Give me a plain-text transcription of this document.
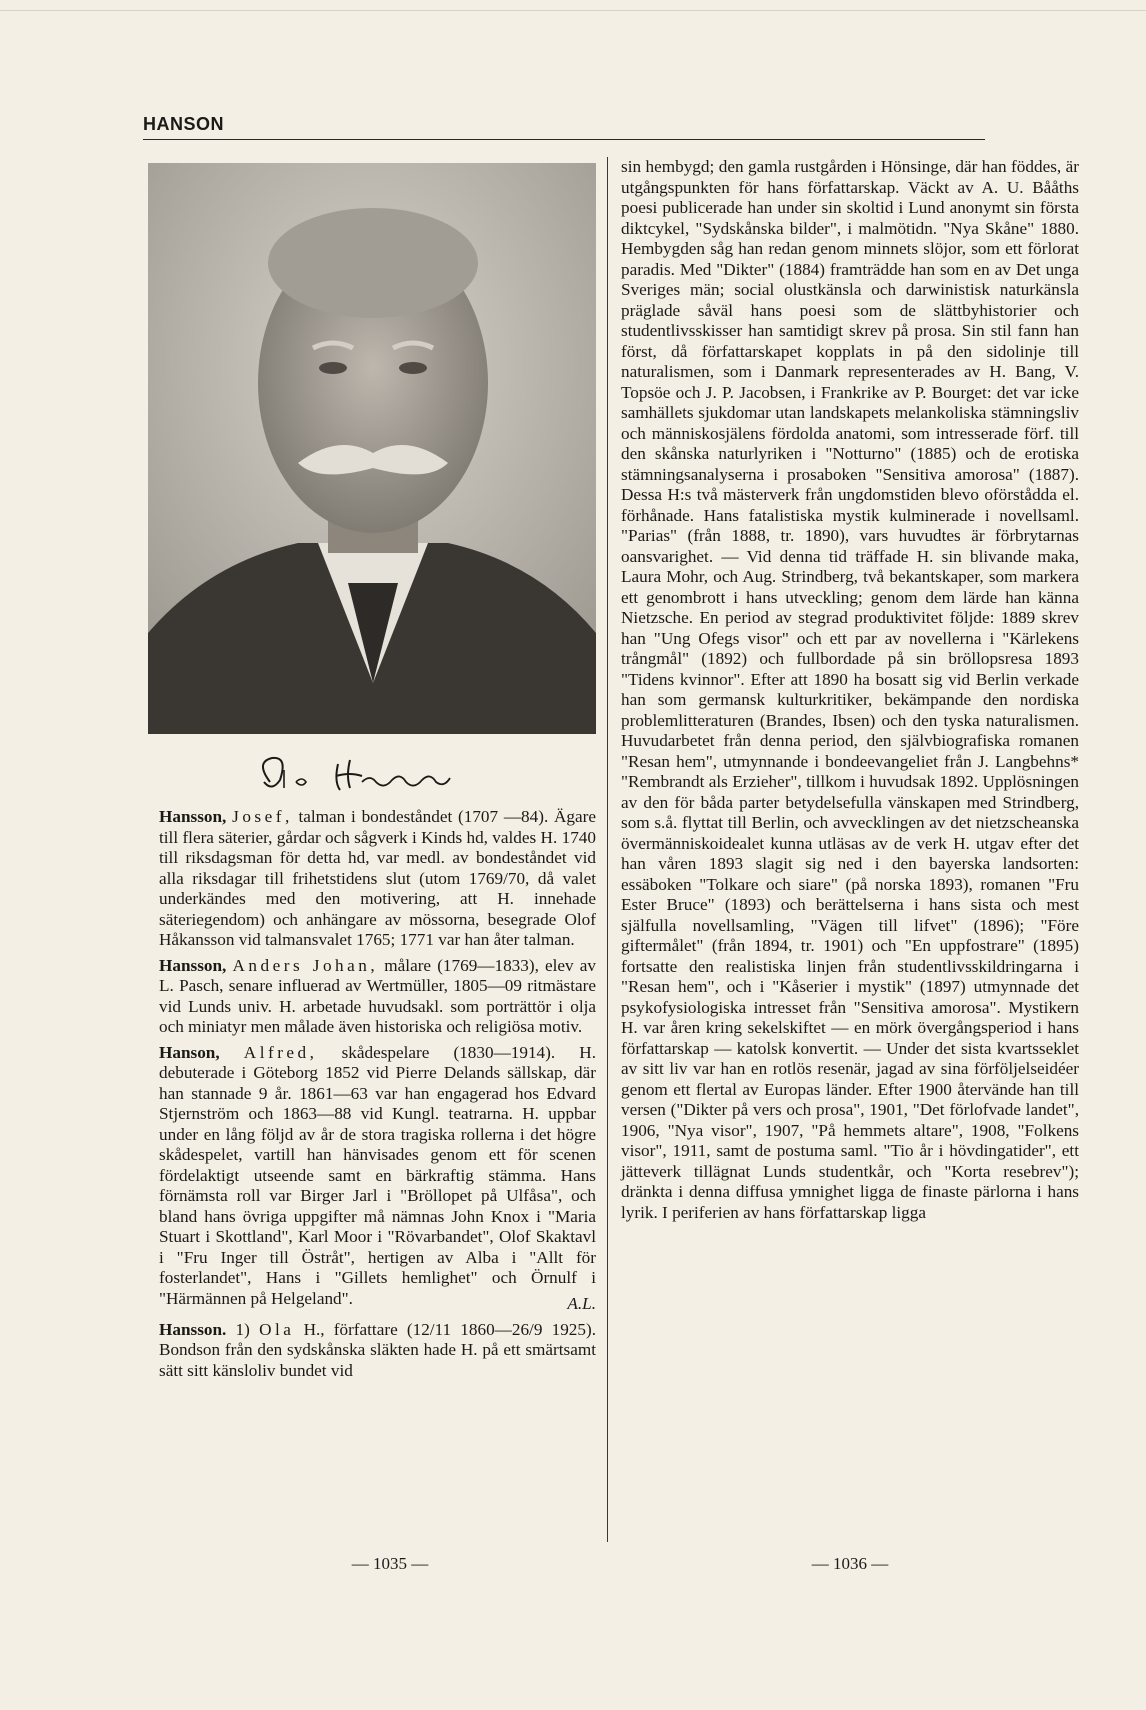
HANSON

Hansson, Josef, talman i bondeståndet (1707 —84). Ägare till flera säterier, gårdar och sågverk i Kinds hd, valdes H. 1740 till riksdagsman för detta hd, var medl. av bondeståndet vid alla riksdagar till frihetstidens slut (utom 1769/70, då valet underkändes med den motivering, att H. innehade säteriegendom) och anhängare av mössorna, besegrade Olof Håkansson vid talmansvalet 1765; 1771 var han åter talman.

Hansson, Anders Johan, målare (1769—1833), elev av L. Pasch, senare influerad av Wertmüller, 1805—09 ritmästare vid Lunds univ. H. arbetade huvudsakl. som porträttör i olja och miniatyr men målade även historiska och religiösa motiv.

Hanson, Alfred, skådespelare (1830—1914). H. debuterade i Göteborg 1852 vid Pierre Delands sällskap, där han stannade 9 år. 1861—63 var han engagerad hos Edvard Stjernström och 1863—88 vid Kungl. teatrarna. H. uppbar under en lång följd av år de stora tragiska rollerna i det högre skådespelet, vartill han hänvisades genom ett för scenen fördelaktigt utseende samt en bärkraftig stämma. Hans förnämsta roll var Birger Jarl i "Bröllopet på Ulfåsa", och bland hans övriga uppgifter må nämnas John Knox i "Maria Stuart i Skottland", Karl Moor i "Rövarbandet", Olof Skaktavl i "Fru Inger till Östråt", hertigen av Alba i "Allt för fosterlandet", Hans i "Gillets hemlighet" och Örnulf i "Härmännen på Helgeland".	A.L.

Hansson. 1) Ola H., författare (12/11 1860—26/9 1925). Bondson från den sydskånska släkten hade H. på ett smärtsamt sätt sitt känsloliv bundet vid

sin hembygd; den gamla rustgården i Hönsinge, där han föddes, är utgångspunkten för hans författarskap. Väckt av A. U. Bååths poesi publicerade han under sin skoltid i Lund anonymt sin första diktcykel, "Sydskånska bilder", i malmötidn. "Nya Skåne" 1880. Hembygden såg han redan genom minnets slöjor, som ett förlorat paradis. Med "Dikter" (1884) framträdde han som en av Det unga Sveriges män; social olustkänsla och darwinistisk naturkänsla präglade såväl hans poesi som de slättbyhistorier och studentlivsskisser han samtidigt skrev på prosa. Sin stil fann han först, då författarskapet kopplats in på den sidolinje till naturalismen, som i Danmark representerades av H. Bang, V. Topsöe och J. P. Jacobsen, i Frankrike av P. Bourget: det var icke samhällets sjukdomar utan landskapets melankoliska stämningsliv och människosjälens fördolda anatomi, som intresserade förf. till den skånska naturlyriken i "Notturno" (1885) och de erotiska stämningsanalyserna i prosaboken "Sensitiva amorosa" (1887). Dessa H:s två mästerverk från ungdomstiden blevo oförstådda el. förhånade. Hans fatalistiska mystik kulminerade i novellsaml. "Parias" (från 1888, tr. 1890), vars huvudtes är förbrytarnas oansvarighet. — Vid denna tid träffade H. sin blivande maka, Laura Mohr, och Aug. Strindberg, två bekantskaper, som markera ett genombrott i hans utveckling; genom dem lärde han känna Nietzsche. En period av stegrad produktivitet följde: 1889 skrev han "Ung Ofegs visor" och ett par av novellerna i "Kärlekens trångmål" (1892) och fullbordade på sin bröllopsresa 1893 "Tidens kvinnor". Efter att 1890 ha bosatt sig vid Berlin verkade han som germansk kulturkritiker, bekämpande den nordiska problemlitteraturen (Brandes, Ibsen) och den tyska naturalismen. Huvudarbetet från denna period, den självbiografiska romanen "Resan hem", utmynnande i bondeevangeliet från J. Langbehns* "Rembrandt als Erzieher", tillkom i huvudsak 1892. Upplösningen av den för båda parter betydelsefulla vänskapen med Strindberg, som s.å. flyttat till Berlin, och avvecklingen av det nietzscheanska övermänniskoidealet kunna utläsas av de verk H. utgav efter det han våren 1893 slagit sig ned i den bayerska landsorten: essäboken "Tolkare och siare" (på norska 1893), romanen "Fru Ester Bruce" (1893) och berättelserna i hans sista och mest själfulla novellsamling, "Vägen till lifvet" (1896); "Före giftermålet" (från 1894, tr. 1901) och "En uppfostrare" (1895) fortsatte den realistiska linjen från studentlivsskildringarna i "Resan hem", och i "Kåserier i mystik" (1897) utmynnade det psykofysiologiska intresset från "Sensitiva amorosa". Mystikern H. var åren kring sekelskiftet — en mörk övergångsperiod i hans författarskap — katolsk konvertit. — Under det sista kvartsseklet av sitt liv var han en rotlös resenär, jagad av sina förföljelseidéer genom ett flertal av Europas länder. Efter 1900 återvände han till versen ("Dikter på vers och prosa", 1901, "Det förlofvade landet", 1906, "Nya visor", 1907, "På hemmets altare", 1908, "Folkens visor", 1911, samt de postuma saml. "Tio år i hövdingatider", ett jätteverk tillägnat Lunds studentkår, och "Korta resebrev"); dränkta i denna diffusa ymnighet ligga de finaste pärlorna i hans lyrik. I periferien av hans författarskap ligga

— 1035 —	— 1036 —
